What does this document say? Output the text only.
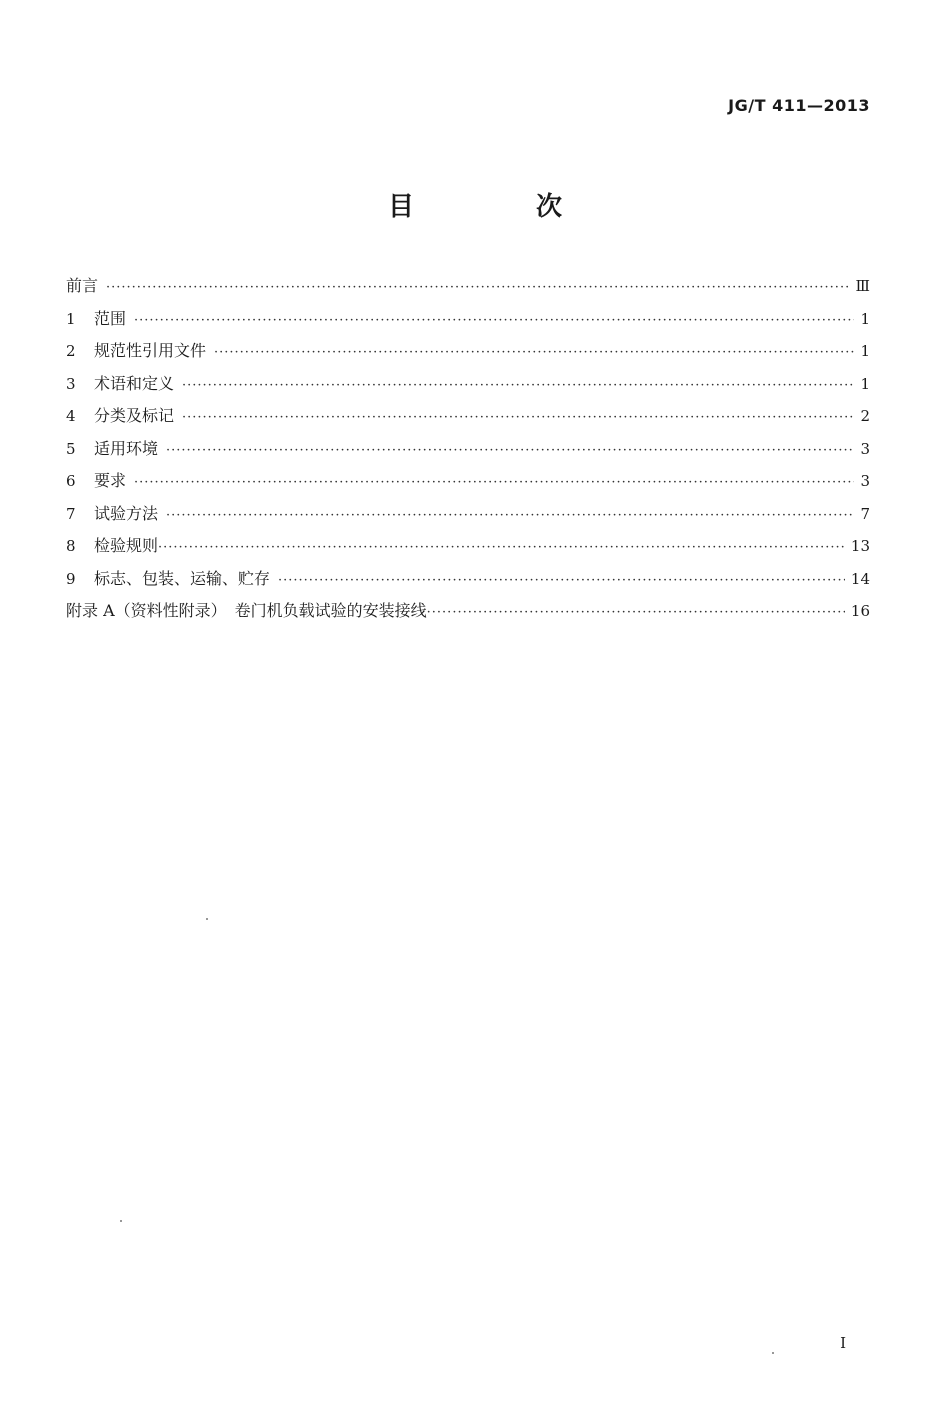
JG/T 411—2013
目　次
前言 ·····	Ⅲ
1	范围 ·····	1
2	规范性引用文件 ·····	1
3	术语和定义 ·····	1
4	分类及标记 ·····	2
5	适用环境 ·····	3
6	要求 ·····	3
7	试验方法 ·····	7
8	检验规则 ·····	13
9	标志、包装、运输、贮存 ·····	14
附录 A（资料性附录）　卷门机负载试验的安装接线 ·····	16
I
